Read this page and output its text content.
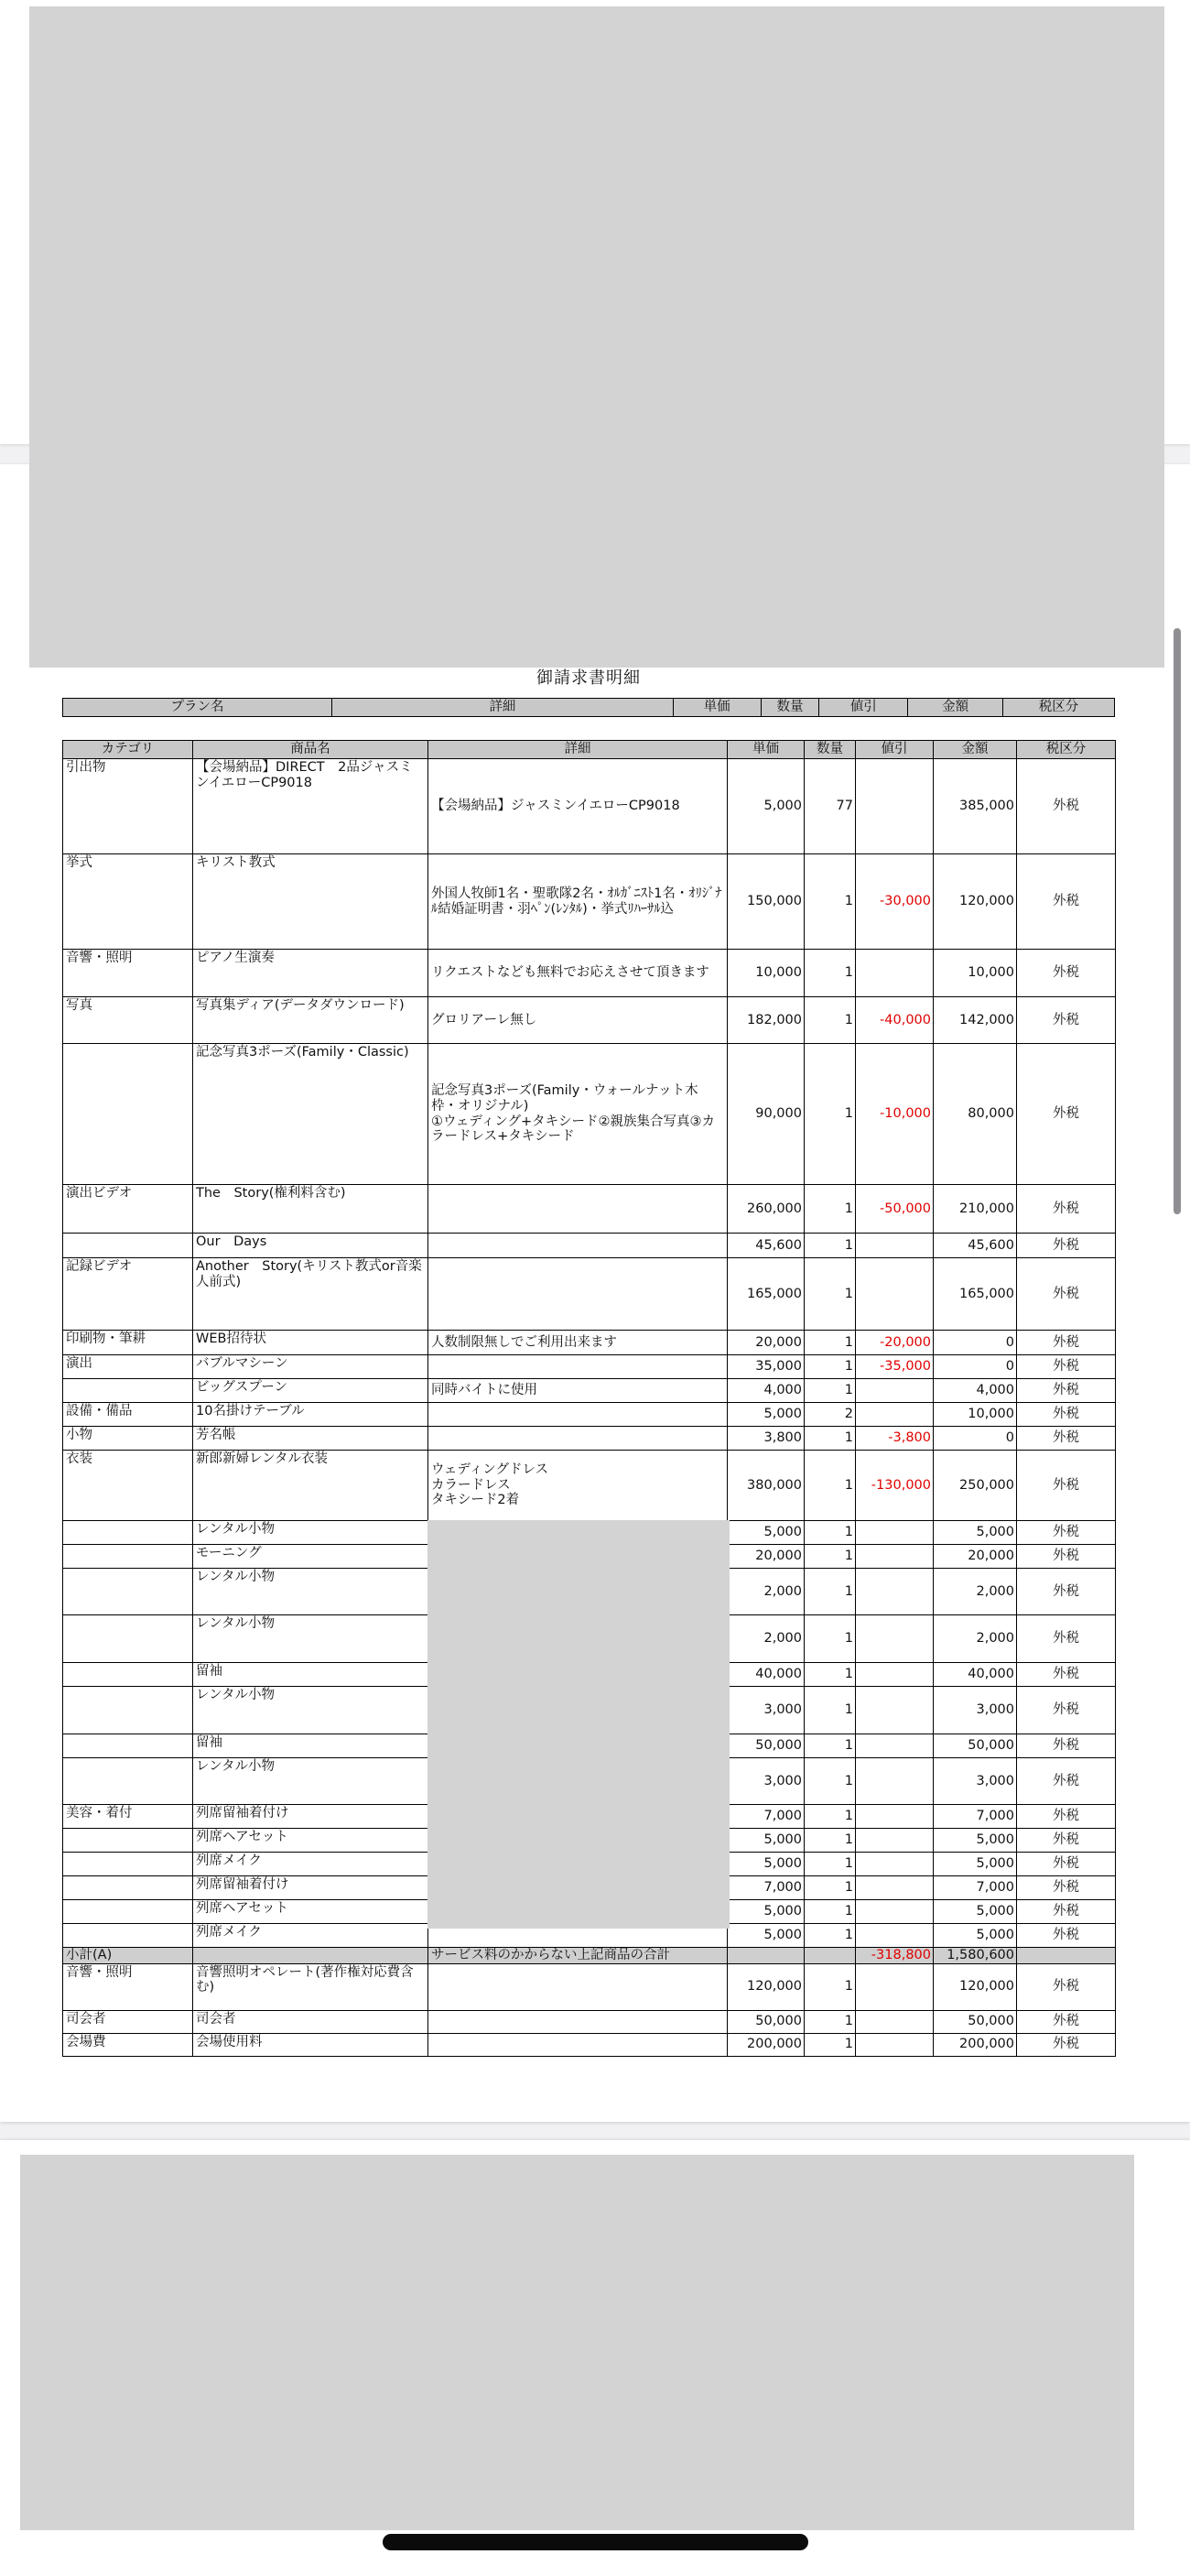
御請求書明細
プラン名	詳細	単価	数量	値引	金額	税区分
カテゴリ	商品名	詳細	単価	数量	値引	金額	税区分
引出物	【会場納品】DIRECT　2品ジャスミンイエローCP9018	【会場納品】ジャスミンイエローCP9018	5,000	77		385,000	外税
挙式	キリスト教式	外国人牧師1名・聖歌隊2名・ｵﾙｶﾞﾆｽﾄ1名・ｵﾘｼﾞﾅﾙ結婚証明書・羽ﾍﾟﾝ(ﾚﾝﾀﾙ)・挙式ﾘﾊｰｻﾙ込	150,000	1	-30,000	120,000	外税
音響・照明	ピアノ生演奏	リクエストなども無料でお応えさせて頂きます	10,000	1		10,000	外税
写真	写真集ディア(データダウンロード)	グロリアーレ無し	182,000	1	-40,000	142,000	外税
	記念写真3ポーズ(Family・Classic)	記念写真3ポーズ(Family・ウォールナット木枠・オリジナル)
①ウェディング+タキシード②親族集合写真③カラードレス+タキシード	90,000	1	-10,000	80,000	外税
演出ビデオ	The　Story(権利料含む)		260,000	1	-50,000	210,000	外税
	Our　Days		45,600	1		45,600	外税
記録ビデオ	Another　Story(キリスト教式or音楽人前式)		165,000	1		165,000	外税
印刷物・筆耕	WEB招待状	人数制限無しでご利用出来ます	20,000	1	-20,000	0	外税
演出	バブルマシーン		35,000	1	-35,000	0	外税
	ビッグスプーン	同時バイトに使用	4,000	1		4,000	外税
設備・備品	10名掛けテーブル		5,000	2		10,000	外税
小物	芳名帳		3,800	1	-3,800	0	外税
衣装	新郎新婦レンタル衣装	ウェディングドレス
カラードレス
タキシード2着	380,000	1	-130,000	250,000	外税
	レンタル小物		5,000	1		5,000	外税
	モーニング		20,000	1		20,000	外税
	レンタル小物		2,000	1		2,000	外税
	レンタル小物		2,000	1		2,000	外税
	留袖		40,000	1		40,000	外税
	レンタル小物		3,000	1		3,000	外税
	留袖		50,000	1		50,000	外税
	レンタル小物		3,000	1		3,000	外税
美容・着付	列席留袖着付け		7,000	1		7,000	外税
	列席ヘアセット		5,000	1		5,000	外税
	列席メイク		5,000	1		5,000	外税
	列席留袖着付け		7,000	1		7,000	外税
	列席ヘアセット		5,000	1		5,000	外税
	列席メイク		5,000	1		5,000	外税
小計(A)		サービス料のかからない上記商品の合計			-318,800	1,580,600	
音響・照明	音響照明オペレート(著作権対応費含む)		120,000	1		120,000	外税
司会者	司会者		50,000	1		50,000	外税
会場費	会場使用料		200,000	1		200,000	外税
